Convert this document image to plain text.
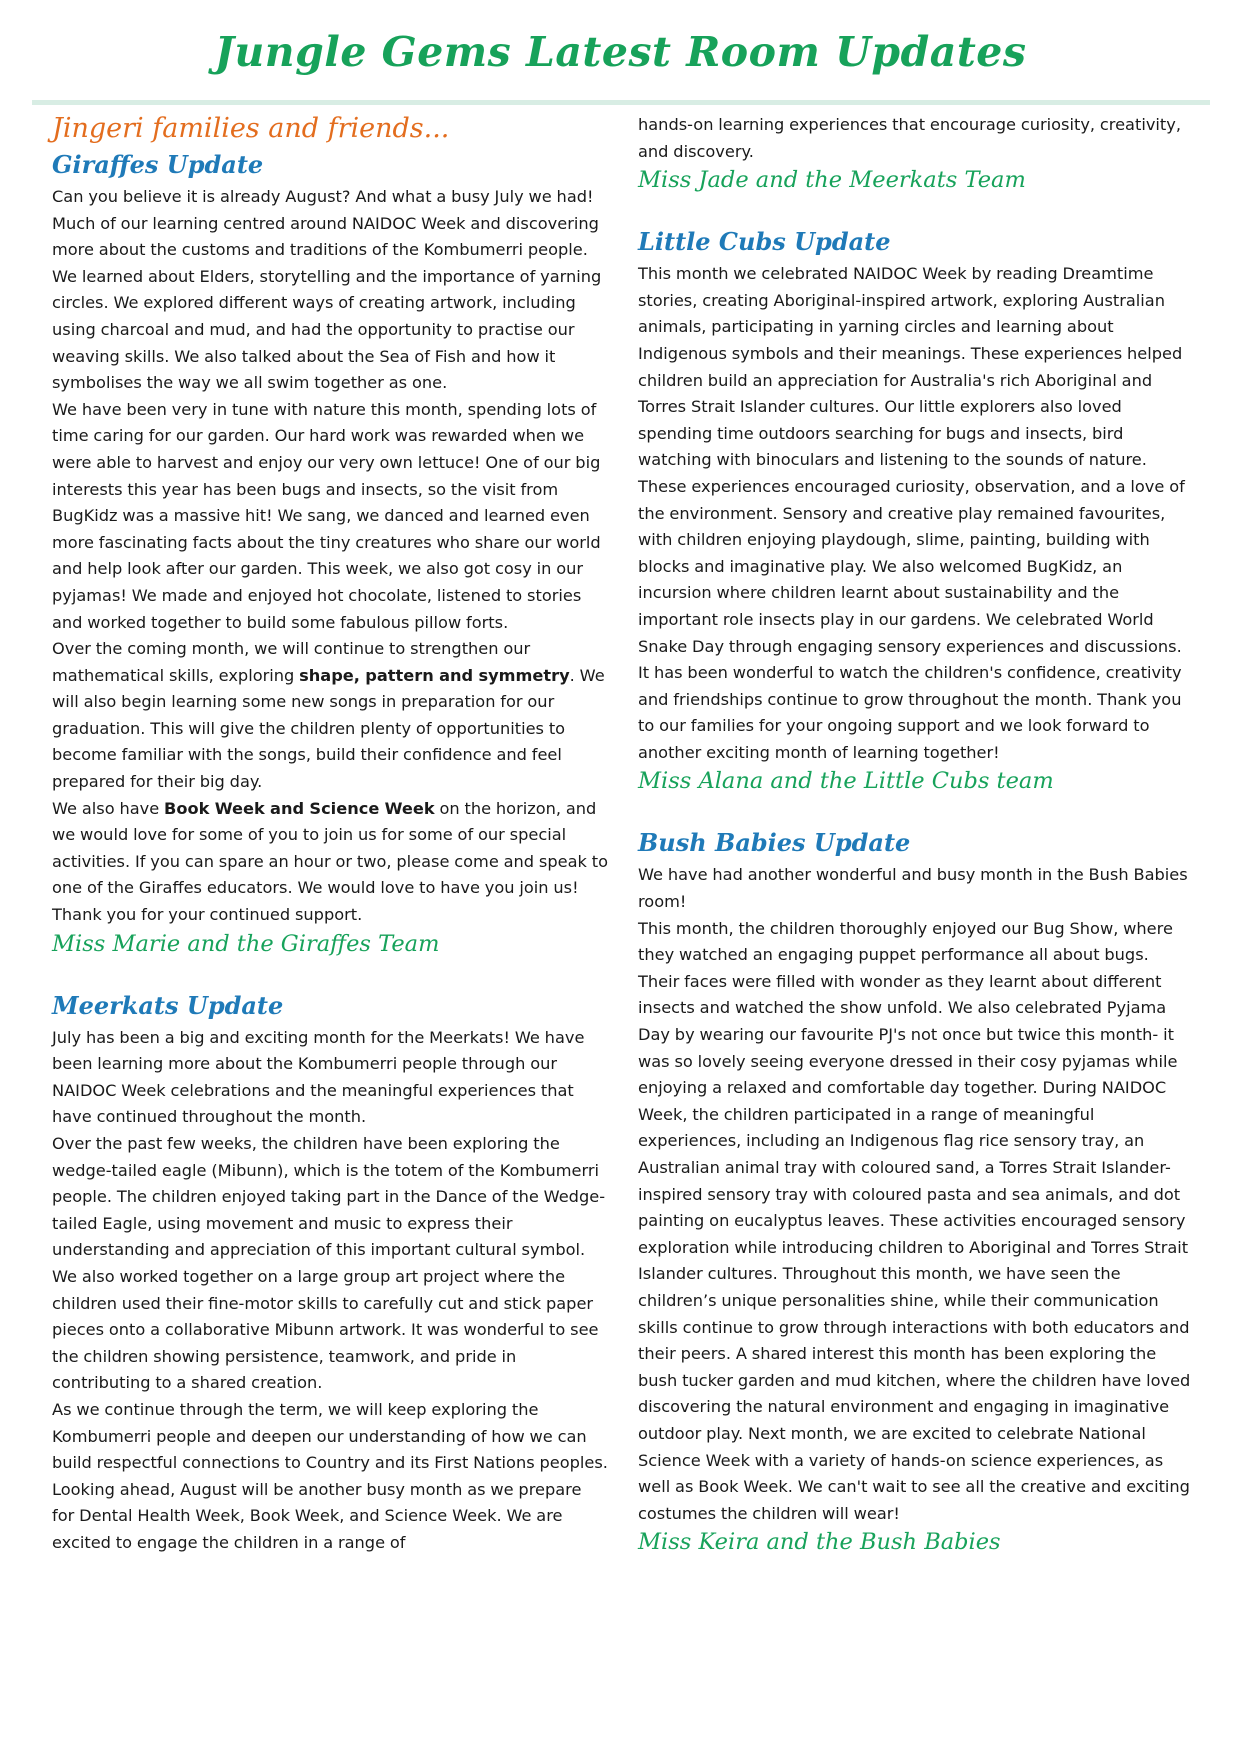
Jungle Gems Latest Room Updates
Jingeri families and friends...
Giraffes Update

Can you believe it is already August? And what a busy July we had! Much of our learning centred around NAIDOC Week and discovering more about the customs and traditions of the Kombumerri people. We learned about Elders, storytelling and the importance of yarning circles. We explored different ways of creating artwork, including using charcoal and mud, and had the opportunity to practise our weaving skills. We also talked about the Sea of Fish and how it symbolises the way we all swim together as one.

We have been very in tune with nature this month, spending lots of time caring for our garden. Our hard work was rewarded when we were able to harvest and enjoy our very own lettuce! One of our big interests this year has been bugs and insects, so the visit from BugKidz was a massive hit! We sang, we danced and learned even more fascinating facts about the tiny creatures who share our world and help look after our garden. This week, we also got cosy in our pyjamas! We made and enjoyed hot chocolate, listened to stories and worked together to build some fabulous pillow forts.

Over the coming month, we will continue to strengthen our mathematical skills, exploring shape, pattern and symmetry. We will also begin learning some new songs in preparation for our graduation. This will give the children plenty of opportunities to become familiar with the songs, build their confidence and feel prepared for their big day.

We also have Book Week and Science Week on the horizon, and we would love for some of you to join us for some of our special activities. If you can spare an hour or two, please come and speak to one of the Giraffes educators. We would love to have you join us!

Thank you for your continued support.

Miss Marie and the Giraffes Team
Meerkats Update

July has been a big and exciting month for the Meerkats! We have been learning more about the Kombumerri people through our NAIDOC Week celebrations and the meaningful experiences that have continued throughout the month.

Over the past few weeks, the children have been exploring the wedge-tailed eagle (Mibunn), which is the totem of the Kombumerri people. The children enjoyed taking part in the Dance of the Wedge-tailed Eagle, using movement and music to express their understanding and appreciation of this important cultural symbol. We also worked together on a large group art project where the children used their fine-motor skills to carefully cut and stick paper pieces onto a collaborative Mibunn artwork. It was wonderful to see the children showing persistence, teamwork, and pride in contributing to a shared creation.

As we continue through the term, we will keep exploring the Kombumerri people and deepen our understanding of how we can build respectful connections to Country and its First Nations peoples.

Looking ahead, August will be another busy month as we prepare for Dental Health Week, Book Week, and Science Week. We are excited to engage the children in a range of

hands-on learning experiences that encourage curiosity, creativity, and discovery.

Miss Jade and the Meerkats Team
Little Cubs Update

This month we celebrated NAIDOC Week by reading Dreamtime stories, creating Aboriginal-inspired artwork, exploring Australian animals, participating in yarning circles and learning about Indigenous symbols and their meanings. These experiences helped children build an appreciation for Australia's rich Aboriginal and Torres Strait Islander cultures. Our little explorers also loved spending time outdoors searching for bugs and insects, bird watching with binoculars and listening to the sounds of nature. These experiences encouraged curiosity, observation, and a love of the environment. Sensory and creative play remained favourites, with children enjoying playdough, slime, painting, building with blocks and imaginative play. We also welcomed BugKidz, an incursion where children learnt about sustainability and the important role insects play in our gardens. We celebrated World Snake Day through engaging sensory experiences and discussions. It has been wonderful to watch the children's confidence, creativity and friendships continue to grow throughout the month. Thank you to our families for your ongoing support and we look forward to another exciting month of learning together!

Miss Alana and the Little Cubs team
Bush Babies Update

We have had another wonderful and busy month in the Bush Babies room!

This month, the children thoroughly enjoyed our Bug Show, where they watched an engaging puppet performance all about bugs. Their faces were filled with wonder as they learnt about different insects and watched the show unfold. We also celebrated Pyjama Day by wearing our favourite PJ's not once but twice this month- it was so lovely seeing everyone dressed in their cosy pyjamas while enjoying a relaxed and comfortable day together. During NAIDOC Week, the children participated in a range of meaningful experiences, including an Indigenous flag rice sensory tray, an Australian animal tray with coloured sand, a Torres Strait Islander-inspired sensory tray with coloured pasta and sea animals, and dot painting on eucalyptus leaves. These activities encouraged sensory exploration while introducing children to Aboriginal and Torres Strait Islander cultures. Throughout this month, we have seen the children’s unique personalities shine, while their communication skills continue to grow through interactions with both educators and their peers. A shared interest this month has been exploring the bush tucker garden and mud kitchen, where the children have loved discovering the natural environment and engaging in imaginative outdoor play. Next month, we are excited to celebrate National Science Week with a variety of hands-on science experiences, as well as Book Week. We can't wait to see all the creative and exciting costumes the children will wear!

Miss Keira and the Bush Babies
